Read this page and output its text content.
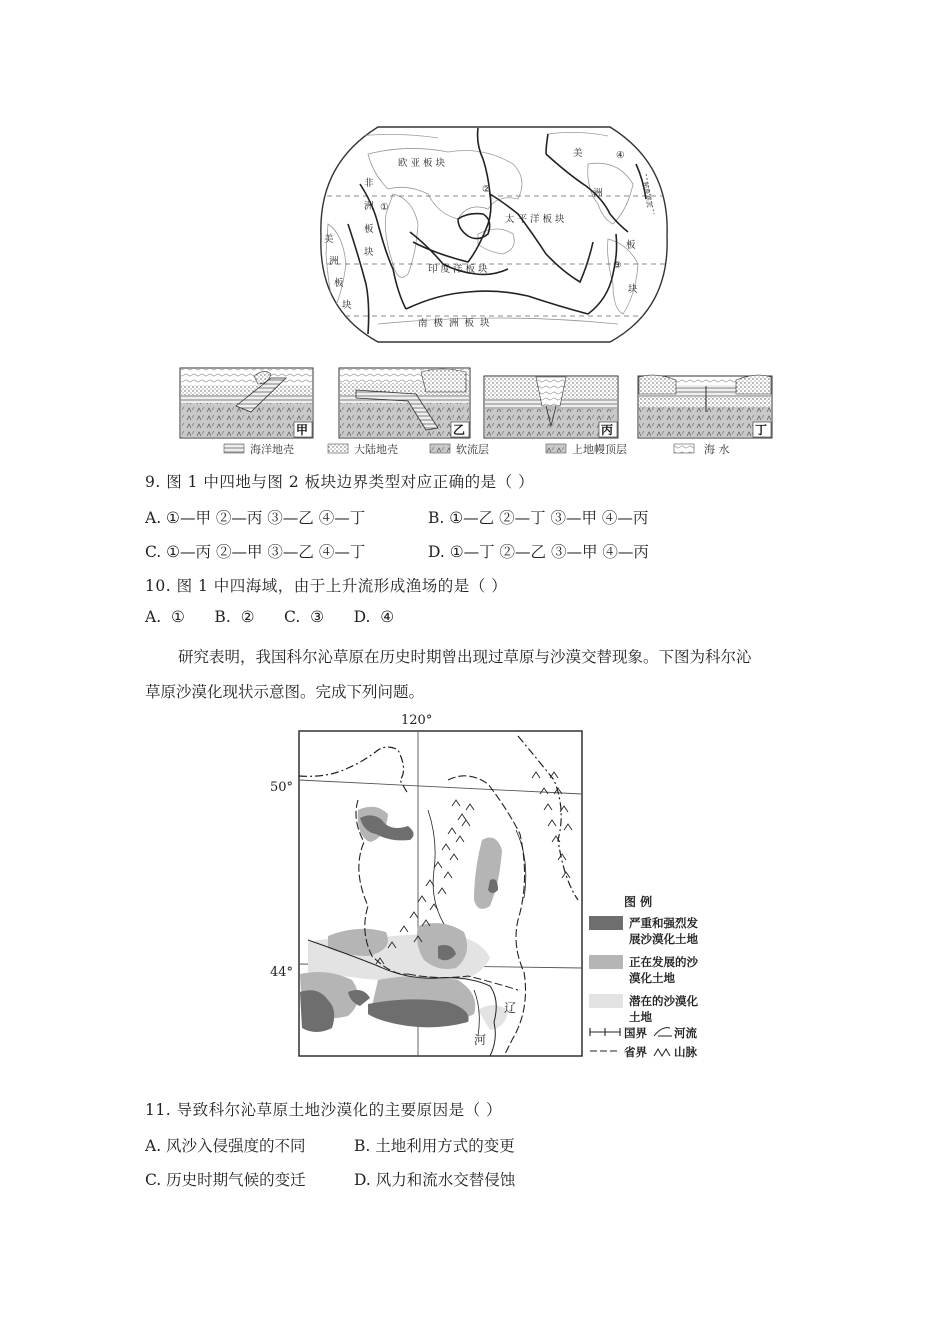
欧亚板块
太平洋板块
印度洋板块
南极洲板块
非
洲
板
块
美
洲
板
块
美
洲
板
块
①
②
③
④
秘鲁寒流
甲	乙	丙	丁
海洋地壳	大陆地壳	软流层	上地幔顶层	海 水
9. 图 1 中四地与图 2 板块边界类型对应正确的是（ ）
A. ①—甲 ②—丙 ③—乙 ④—丁	B. ①—乙 ②—丁 ③—甲 ④—丙
C. ①—丙 ②—甲 ③—乙 ④—丁	D. ①—丁 ②—乙 ③—甲 ④—丙
10. 图 1 中四海域，由于上升流形成渔场的是（ ）
A.  ①      B.  ②      C.  ③      D.  ④
研究表明，我国科尔沁草原在历史时期曾出现过草原与沙漠交替现象。下图为科尔沁
草原沙漠化现状示意图。完成下列问题。
120°
50°
44°
辽
河
图 例
严重和强烈发
展沙漠化土地
正在发展的沙
漠化土地
潜在的沙漠化
土地
国界 河流
省界 山脉
11. 导致科尔沁草原土地沙漠化的主要原因是（ ）
A. 风沙入侵强度的不同	B. 土地利用方式的变更
C. 历史时期气候的变迁	D. 风力和流水交替侵蚀
